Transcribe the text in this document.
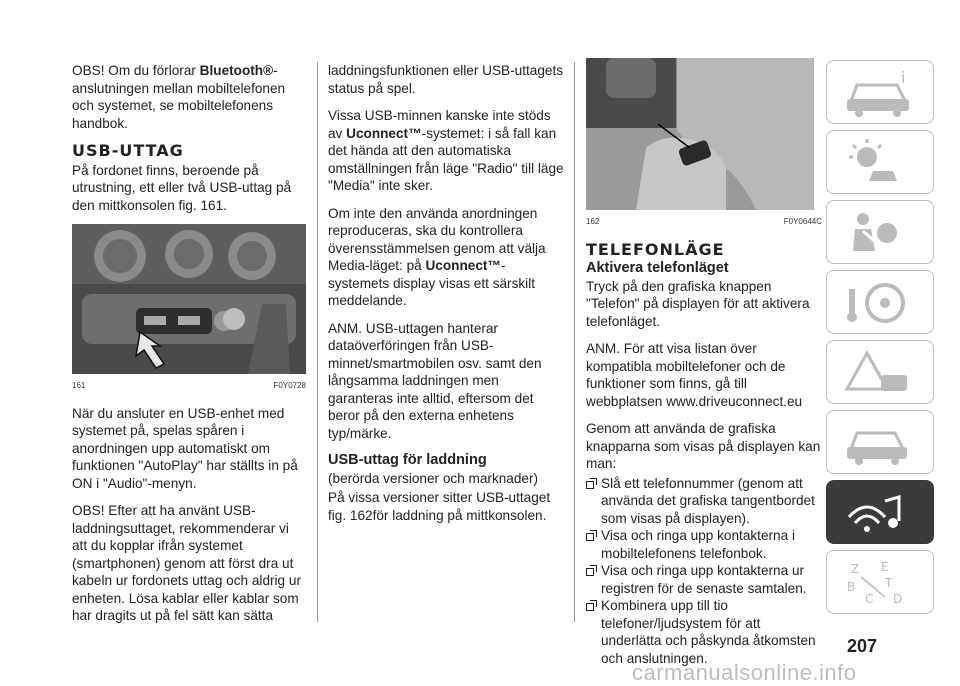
OBS! Om du förlorar Bluetooth®-anslutningen mellan mobiltelefonen och systemet, se mobiltelefonens handbok.

USB-UTTAG

På fordonet finns, beroende på utrustning, ett eller två USB-uttag på den mittkonsolen fig. 161.

161	F0Y0728

När du ansluter en USB-enhet med systemet på, spelas spåren i anordningen upp automatiskt om funktionen "AutoPlay" har ställts in på ON i "Audio"-menyn.

OBS! Efter att ha använt USB-laddningsuttaget, rekommenderar vi att du kopplar ifrån systemet (smartphonen) genom att först dra ut kabeln ur fordonets uttag och aldrig ur enheten. Lösa kablar eller kablar som har dragits ut på fel sätt kan sätta

laddningsfunktionen eller USB-uttagets status på spel.

Vissa USB-minnen kanske inte stöds av Uconnect™-systemet: i så fall kan det hända att den automatiska omställningen från läge "Radio" till läge "Media" inte sker.

Om inte den använda anordningen reproduceras, ska du kontrollera överensstämmelsen genom att välja Media-läget: på Uconnect™-systemets display visas ett särskilt meddelande.

ANM. USB-uttagen hanterar dataöverföringen från USB-minnet/smartmobilen osv. samt den långsamma laddningen men garanteras inte alltid, eftersom det beror på den externa enhetens typ/märke.

USB-uttag för laddning

(berörda versioner och marknader)

På vissa versioner sitter USB-uttaget fig. 162för laddning på mittkonsolen.

162	F0Y0644C
TELEFONLÄGE
Aktivera telefonläget

Tryck på den grafiska knappen "Telefon" på displayen för att aktivera telefonläget.

ANM. För att visa listan över kompatibla mobiltelefoner och de funktioner som finns, gå till webbplatsen www.driveuconnect.eu

Genom att använda de grafiska knapparna som visas på displayen kan man:

Slå ett telefonnummer (genom att använda det grafiska tangentbordet som visas på displayen).
Visa och ringa upp kontakterna i mobiltelefonens telefonbok.
Visa och ringa upp kontakterna ur registren för de senaste samtalen.
Kombinera upp till tio telefoner/ljudsystem för att underlätta och påskynda åtkomsten och anslutningen.
i
Z E
B
C
T
D
207
carmanualsonline.info
